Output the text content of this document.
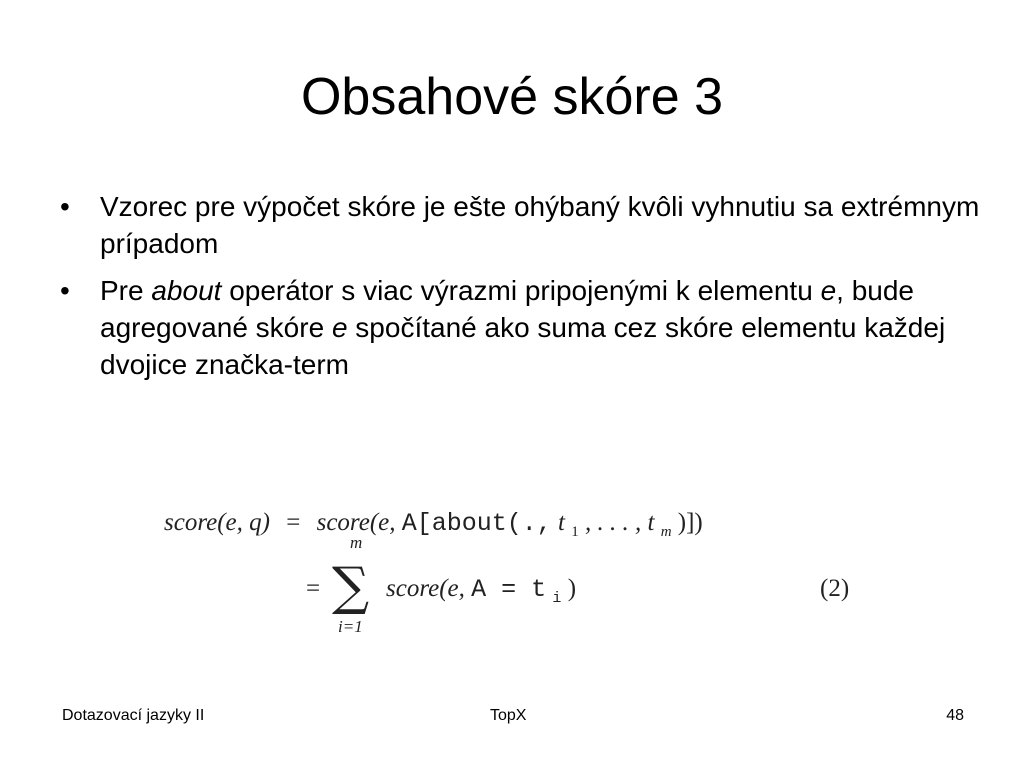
Obsahové skóre 3
• Vzorec pre výpočet skóre je ešte ohýbaný kvôli vyhnutiu sa extrémnym prípadom
• Pre about operátor s viac výrazmi pripojenými k elementu e, bude agregované skóre e spočítané ako suma cez skóre elementu každej dvojice značka-term
score(e, q) = score(e, A[about(., t $_1$ , . . . , t $_m$ )])
=
m
∑
i=1
score(e, A = t $_i$ )	(2)
Dotazovací jazyky II	TopX	48
